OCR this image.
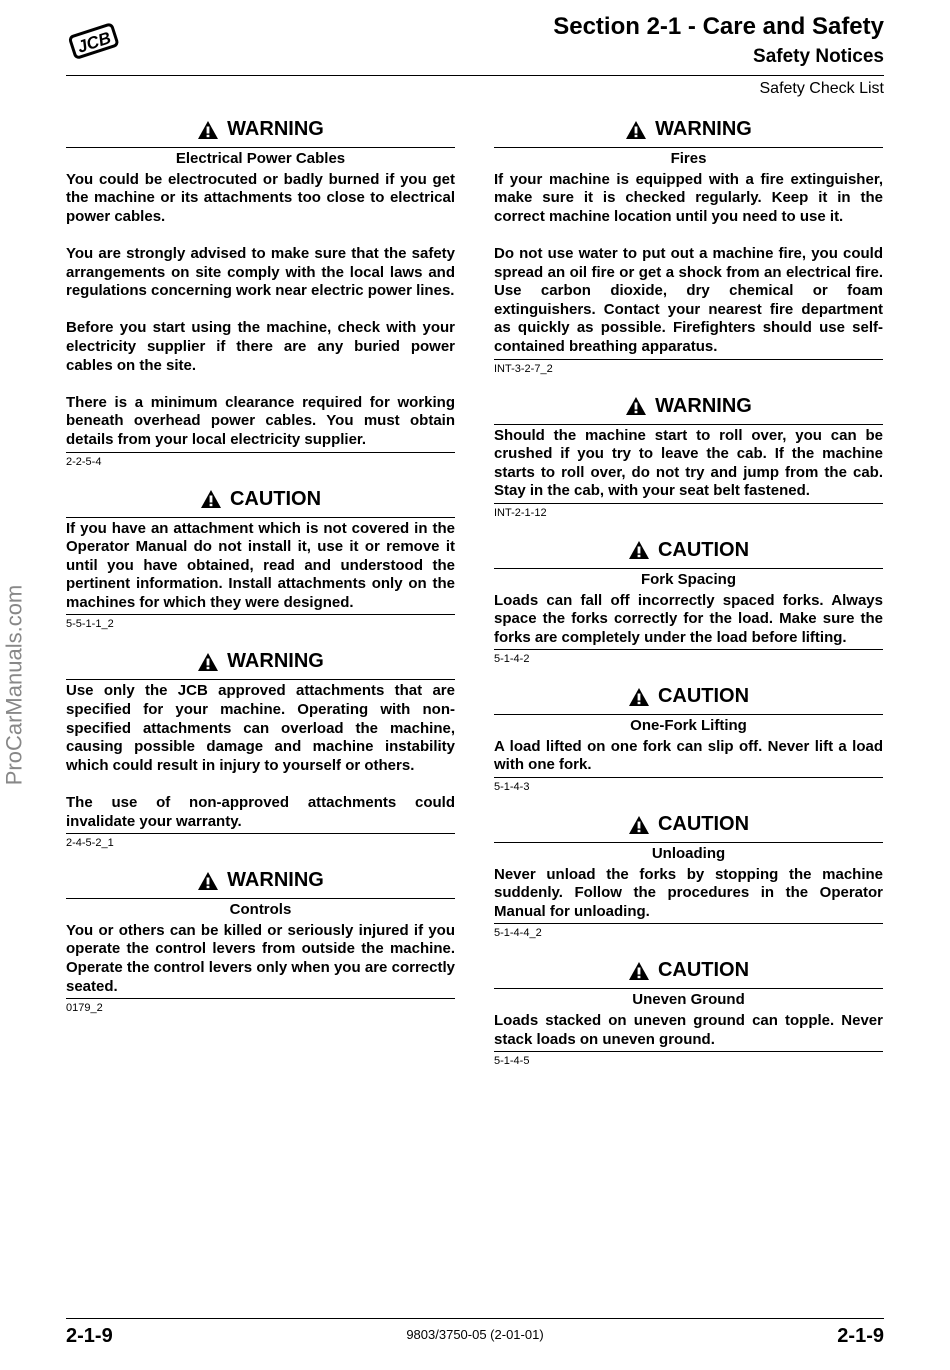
JCB
Section 2-1 - Care and Safety
Safety Notices
Safety Check List
ProCarManuals.com
WARNING
Electrical Power Cables

You could be electrocuted or badly burned if you get the machine or its attachments too close to electrical power cables.

You are strongly advised to make sure that the safety arrangements on site comply with the local laws and regulations concerning work near electric power lines.

Before you start using the machine, check with your electricity supplier if there are any buried power cables on the site.

There is a minimum clearance required for working beneath overhead power cables. You must obtain details from your local electricity supplier.

2-2-5-4
CAUTION

If you have an attachment which is not covered in the Operator Manual do not install it, use it or remove it until you have obtained, read and understood the pertinent information. Install attachments only on the machines for which they were designed.

5-5-1-1_2
WARNING

Use only the JCB approved attachments that are specified for your machine. Operating with non-specified attachments can overload the machine, causing possible damage and machine instability which could result in injury to yourself or others.

The use of non-approved attachments could invalidate your warranty.

2-4-5-2_1
WARNING
Controls

You or others can be killed or seriously injured if you operate the control levers from outside the machine. Operate the control levers only when you are correctly seated.

0179_2
WARNING
Fires

If your machine is equipped with a fire extinguisher, make sure it is checked regularly. Keep it in the correct machine location until you need to use it.

Do not use water to put out a machine fire, you could spread an oil fire or get a shock from an electrical fire. Use carbon dioxide, dry chemical or foam extinguishers. Contact your nearest fire department as quickly as possible. Firefighters should use self-contained breathing apparatus.

INT-3-2-7_2
WARNING

Should the machine start to roll over, you can be crushed if you try to leave the cab. If the machine starts to roll over, do not try and jump from the cab. Stay in the cab, with your seat belt fastened.

INT-2-1-12
CAUTION
Fork Spacing

Loads can fall off incorrectly spaced forks. Always space the forks correctly for the load. Make sure the forks are completely under the load before lifting.

5-1-4-2
CAUTION
One-Fork Lifting

A load lifted on one fork can slip off. Never lift a load with one fork.

5-1-4-3
CAUTION
Unloading

Never unload the forks by stopping the machine suddenly. Follow the procedures in the Operator Manual for unloading.

5-1-4-4_2
CAUTION
Uneven Ground

Loads stacked on uneven ground can topple. Never stack loads on uneven ground.

5-1-4-5
2-1-9	9803/3750-05 (2-01-01)	2-1-9
